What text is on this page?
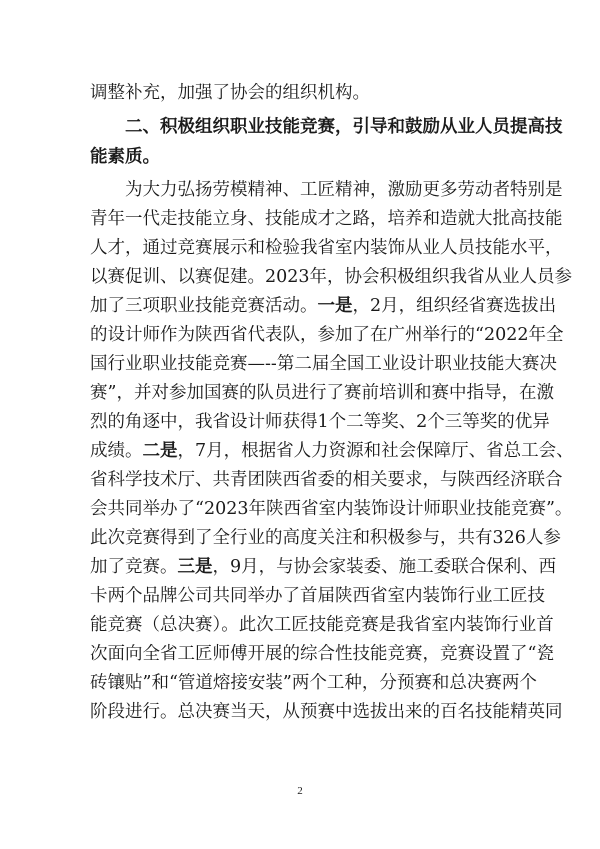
调整补充，加强了协会的组织机构。
二、积极组织职业技能竞赛，引导和鼓励从业人员提高技
能素质。
为大力弘扬劳模精神、工匠精神，激励更多劳动者特别是
青年一代走技能立身、技能成才之路，培养和造就大批高技能
人才，通过竞赛展示和检验我省室内装饰从业人员技能水平，
以赛促训、以赛促建。2023年，协会积极组织我省从业人员参
加了三项职业技能竞赛活动。一是，2月，组织经省赛选拔出
的设计师作为陕西省代表队，参加了在广州举行的“2022年全
国行业职业技能竞赛—--第二届全国工业设计职业技能大赛决
赛”，并对参加国赛的队员进行了赛前培训和赛中指导，在激
烈的角逐中，我省设计师获得1个二等奖、2个三等奖的优异
成绩。二是，7月，根据省人力资源和社会保障厅、省总工会、
省科学技术厅、共青团陕西省委的相关要求，与陕西经济联合
会共同举办了“2023年陕西省室内装饰设计师职业技能竞赛”。
此次竞赛得到了全行业的高度关注和积极参与，共有326人参
加了竞赛。三是，9月，与协会家装委、施工委联合保利、西
卡两个品牌公司共同举办了首届陕西省室内装饰行业工匠技
能竞赛（总决赛）。此次工匠技能竞赛是我省室内装饰行业首
次面向全省工匠师傅开展的综合性技能竞赛，竞赛设置了“瓷
砖镶贴”和“管道熔接安装”两个工种，分预赛和总决赛两个
阶段进行。总决赛当天，从预赛中选拔出来的百名技能精英同
2
